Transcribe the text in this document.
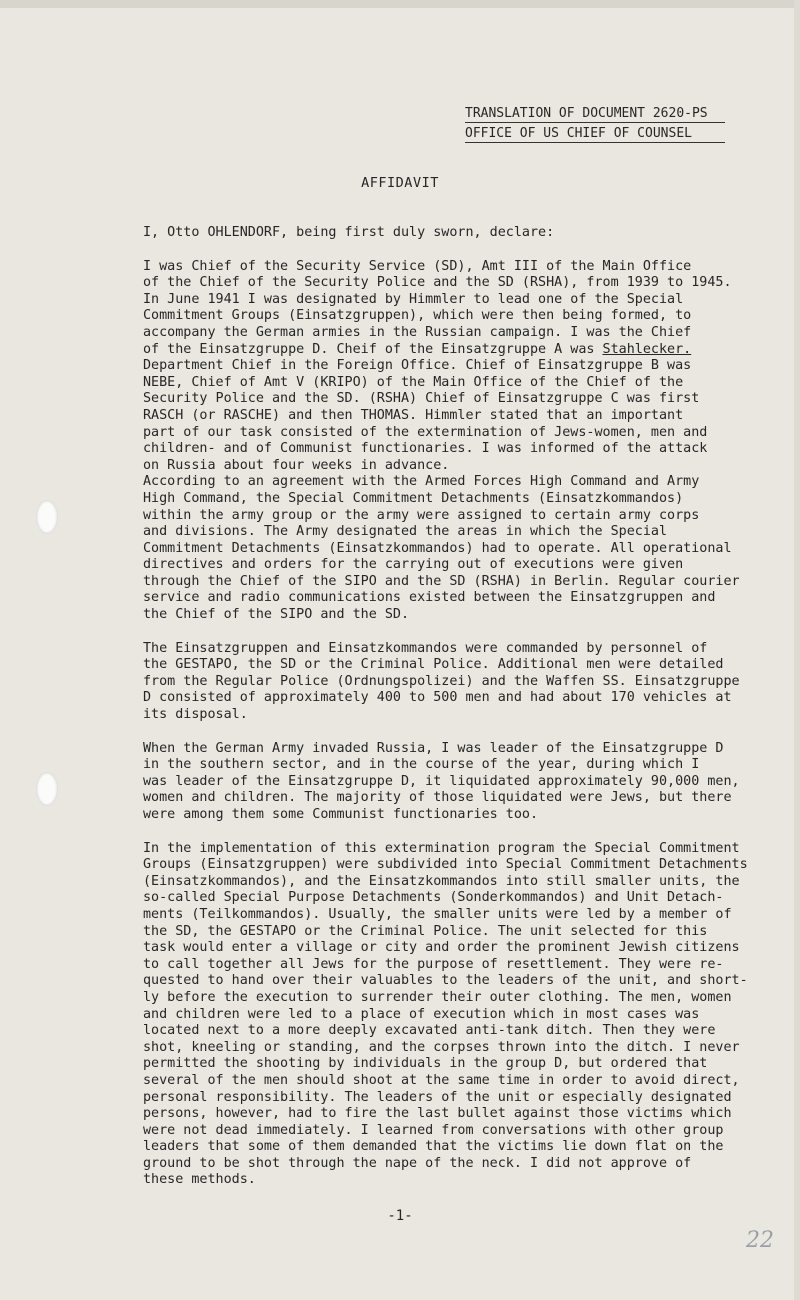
TRANSLATION OF DOCUMENT 2620-PS
OFFICE OF US CHIEF OF COUNSEL
AFFIDAVIT

I, Otto OHLENDORF, being first duly sworn, declare:

I was Chief of the Security Service (SD), Amt III of the Main Office
of the Chief of the Security Police and the SD (RSHA), from 1939 to 1945.
In June 1941 I was designated by Himmler to lead one of the Special
Commitment Groups (Einsatzgruppen), which were then being formed, to
accompany the German armies in the Russian campaign. I was the Chief
of the Einsatzgruppe D. Cheif of the Einsatzgruppe A was Stahlecker.
Department Chief in the Foreign Office. Chief of Einsatzgruppe B was
NEBE, Chief of Amt V (KRIPO) of the Main Office of the Chief of the
Security Police and the SD. (RSHA) Chief of Einsatzgruppe C was first
RASCH (or RASCHE) and then THOMAS. Himmler stated that an important
part of our task consisted of the extermination of Jews-women, men and
children- and of Communist functionaries. I was informed of the attack
on Russia about four weeks in advance.
According to an agreement with the Armed Forces High Command and Army
High Command, the Special Commitment Detachments (Einsatzkommandos)
within the army group or the army were assigned to certain army corps
and divisions. The Army designated the areas in which the Special
Commitment Detachments (Einsatzkommandos) had to operate. All operational
directives and orders for the carrying out of executions were given
through the Chief of the SIPO and the SD (RSHA) in Berlin. Regular courier
service and radio communications existed between the Einsatzgruppen and
the Chief of the SIPO and the SD.

The Einsatzgruppen and Einsatzkommandos were commanded by personnel of
the GESTAPO, the SD or the Criminal Police. Additional men were detailed
from the Regular Police (Ordnungspolizei) and the Waffen SS. Einsatzgruppe
D consisted of approximately 400 to 500 men and had about 170 vehicles at
its disposal.

When the German Army invaded Russia, I was leader of the Einsatzgruppe D
in the southern sector, and in the course of the year, during which I
was leader of the Einsatzgruppe D, it liquidated approximately 90,000 men,
women and children. The majority of those liquidated were Jews, but there
were among them some Communist functionaries too.

In the implementation of this extermination program the Special Commitment
Groups (Einsatzgruppen) were subdivided into Special Commitment Detachments
(Einsatzkommandos), and the Einsatzkommandos into still smaller units, the
so-called Special Purpose Detachments (Sonderkommandos) and Unit Detach-
ments (Teilkommandos). Usually, the smaller units were led by a member of
the SD, the GESTAPO or the Criminal Police. The unit selected for this
task would enter a village or city and order the prominent Jewish citizens
to call together all Jews for the purpose of resettlement. They were re-
quested to hand over their valuables to the leaders of the unit, and short-
ly before the execution to surrender their outer clothing. The men, women
and children were led to a place of execution which in most cases was
located next to a more deeply excavated anti-tank ditch. Then they were
shot, kneeling or standing, and the corpses thrown into the ditch. I never
permitted the shooting by individuals in the group D, but ordered that
several of the men should shoot at the same time in order to avoid direct,
personal responsibility. The leaders of the unit or especially designated
persons, however, had to fire the last bullet against those victims which
were not dead immediately. I learned from conversations with other group
leaders that some of them demanded that the victims lie down flat on the
ground to be shot through the nape of the neck. I did not approve of
these methods.

-1-
22
